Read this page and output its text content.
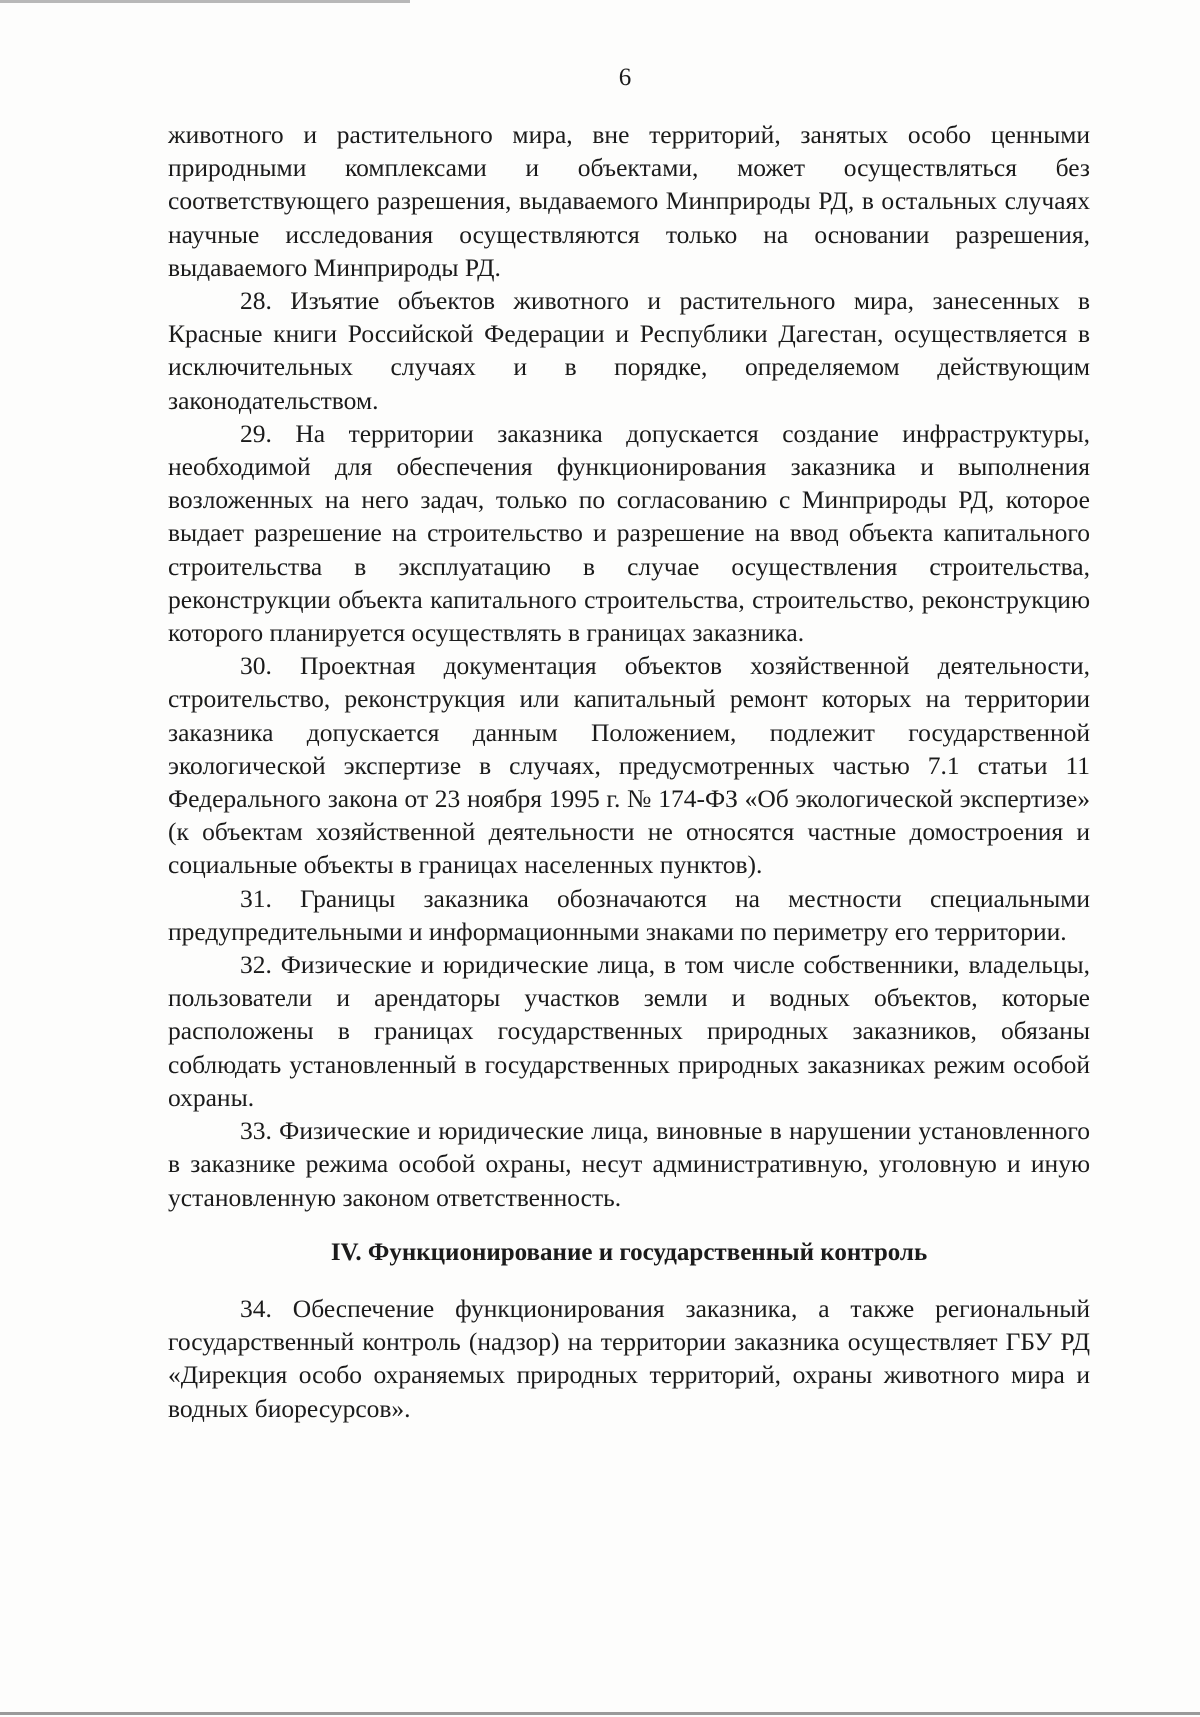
6

животного и растительного мира, вне территорий, занятых особо ценными природными комплексами и объектами, может осуществляться без соответствующего разрешения, выдаваемого Минприроды РД, в остальных случаях научные исследования осуществляются только на основании разрешения, выдаваемого Минприроды РД.

28. Изъятие объектов животного и растительного мира, занесенных в Красные книги Российской Федерации и Республики Дагестан, осуществляется в исключительных случаях и в порядке, определяемом действующим законодательством.

29. На территории заказника допускается создание инфраструктуры, необходимой для обеспечения функционирования заказника и выполнения возложенных на него задач, только по согласованию с Минприроды РД, которое выдает разрешение на строительство и разрешение на ввод объекта капитального строительства в эксплуатацию в случае осуществления строительства, реконструкции объекта капитального строительства, строительство, реконструкцию которого планируется осуществлять в границах заказника.

30. Проектная документация объектов хозяйственной деятельности, строительство, реконструкция или капитальный ремонт которых на территории заказника допускается данным Положением, подлежит государственной экологической экспертизе в случаях, предусмотренных частью 7.1 статьи 11 Федерального закона от 23 ноября 1995 г. № 174-ФЗ «Об экологической экспертизе» (к объектам хозяйственной деятельности не относятся частные домостроения и социальные объекты в границах населенных пунктов).

31. Границы заказника обозначаются на местности специальными предупредительными и информационными знаками по периметру его территории.

32. Физические и юридические лица, в том числе собственники, владельцы, пользователи и арендаторы участков земли и водных объектов, которые расположены в границах государственных природных заказников, обязаны соблюдать установленный в государственных природных заказниках режим особой охраны.

33. Физические и юридические лица, виновные в нарушении установленного в заказнике режима особой охраны, несут административную, уголовную и иную установленную законом ответственность.

IV. Функционирование и государственный контроль

34. Обеспечение функционирования заказника, а также региональный государственный контроль (надзор) на территории заказника осуществляет ГБУ РД «Дирекция особо охраняемых природных территорий, охраны животного мира и водных биоресурсов».
